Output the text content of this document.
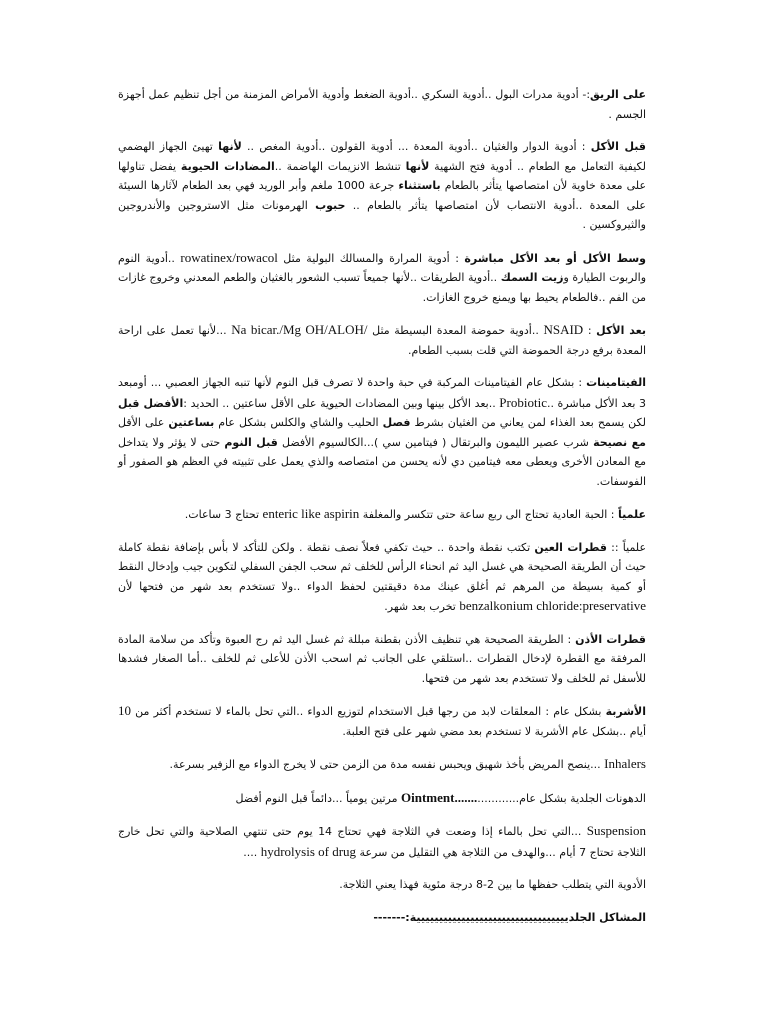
على الريق:- أدوية مدرات البول ..أدوية السكري ..أدوية الضغط وأدوية الأمراض المزمنة من أجل تنظيم عمل أجهزة الجسم .

قبل الأكل : أدوية الدوار والغثيان ..أدوية المعدة ... أدوية القولون ..أدوية المغص .. لأنها تهيئ الجهاز الهضمي لكيفية التعامل مع الطعام .. أدوية فتح الشهية لأنها تنشط الانزيمات الهاضمة ..المضادات الحيوية يفضل تناولها على معدة خاوية لأن امتصاصها يتأثر بالطعام باستثناء جرعة 1000 ملغم وأبر الوريد فهي بعد الطعام لآثارها السيئة على المعدة ..أدوية الانتصاب لأن امتصاصها يتأثر بالطعام .. حبوب الهرمونات مثل الاستروجين والأندروجين والثيروكسين .

وسط الأكل أو بعد الأكل مباشرة : أدوية المرارة والمسالك البولية مثل rowatinex/rowacol ..أدوية النوم والربوت الطيارة وزيت السمك ..أدوية الطريقات ..لأنها جميعاً تسبب الشعور بالغثيان والطعم المعدني وخروج غازات من الفم ..فالطعام يحيط بها ويمنع خروج الغازات.

بعد الأكل : NSAID ..أدوية حموضة المعدة البسيطة مثل Na bicar./Mg OH/ALOH/ ...لأنها تعمل على اراحة المعدة برفع درجة الحموضة التي قلت بسبب الطعام.

الفيتامينات : بشكل عام الفيتامينات المركبة في حبة واحدة لا تصرف قبل النوم لأنها تنبه الجهاز العصبي ... أومبعد 3 بعد الأكل مباشرة ..Probiotic ..بعد الأكل بينها وبين المضادات الحيوية على الأقل ساعتين .. الحديد :الأفضل قبل لكن يسمح بعد الغذاء لمن يعاني من الغثيان بشرط فصل الحليب والشاي والكلس بشكل عام بساعتين على الأقل مع نصيحة شرب عصير الليمون والبرتقال ( فيتامين سي )...الكالسيوم الأفضل قبل النوم حتى لا يؤثر ولا يتداخل مع المعادن الأخرى ويعطى معه فيتامين دي لأنه يحسن من امتصاصه والذي يعمل على تثبيته في العظم هو الصفور أو الفوسفات.

علمياً : الحبة العادية تحتاج الى ربع ساعة حتى تتكسر والمغلفة enteric like aspirin تحتاج 3 ساعات.

علمياً :: قطرات العين تكتب نقطة واحدة .. حيث تكفي فعلاً نصف نقطة . ولكن للتأكد لا بأس بإضافة نقطة كاملة حيث أن الطريقة الصحيحة هي غسل اليد ثم انحناء الرأس للخلف ثم سحب الجفن السفلي لتكوين جيب وإدخال النقط أو كمية بسيطة من المرهم ثم أغلق عينك مدة دقيقتين لحفظ الدواء ..ولا تستخدم بعد شهر من فتحها لأن benzalkonium chloride:preservative تخرب بعد شهر.

قطرات الأذن : الطريقة الصحيحة هي تنظيف الأذن بقطنة مبللة ثم غسل اليد ثم رج العبوة وتأكد من سلامة المادة المرفقة مع القطرة لإدخال القطرات ..استلقي على الجانب ثم اسحب الأذن للأعلى ثم للخلف ..أما الصغار فشدها للأسفل ثم للخلف ولا تستخدم بعد شهر من فتحها.

الأشربة بشكل عام : المعلقات لابد من رجها قبل الاستخدام لتوزيع الدواء ..التي تحل بالماء لا تستخدم أكثر من 10 أيام ..بشكل عام الأشربة لا تستخدم بعد مضي شهر على فتح العلبة.

Inhalers ...ينصح المريض بأخذ شهيق ويحبس نفسه مدة من الزمن حتى لا يخرج الدواء مع الزفير بسرعة.

الدهونات الجلدية بشكل عام............Ointment....... مرتين يومياً ...دائماً قبل النوم أفضل

Suspension ...التي تحل بالماء إذا وضعت في الثلاجة فهي تحتاج 14 يوم حتى تنتهي الصلاحية والتي تحل خارج الثلاجة تحتاج 7 أيام ...والهدف من الثلاجة هي التقليل من سرعة hydrolysis of drug ....

الأدوية التي يتطلب حفظها ما بين 2-8 درجة مئوية فهذا يعني الثلاجة.

المشاكل الجلديييييييييييييييييييييييييييييييييية:-------
